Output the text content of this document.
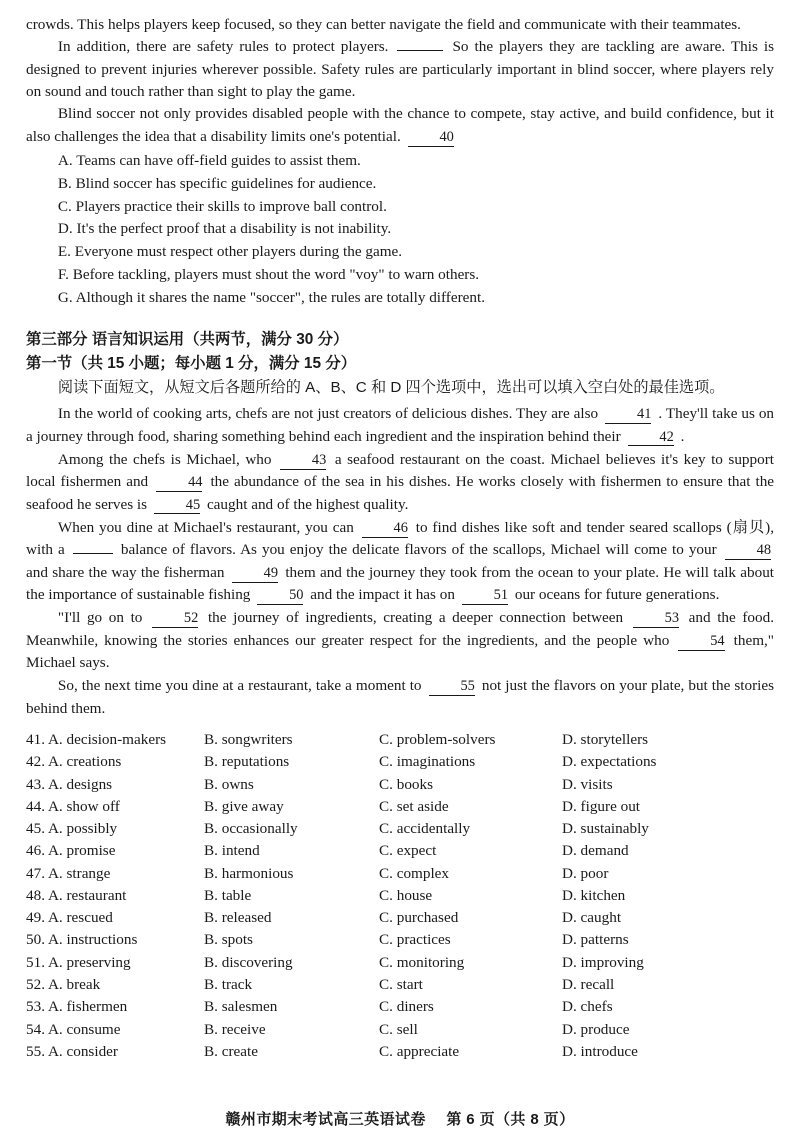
crowds. This helps players keep focused, so they can better navigate the field and communicate with their teammates.

In addition, there are safety rules to protect players.	So the players they are tackling are aware. This is designed to prevent injuries wherever possible. Safety rules are particularly important in blind soccer, where players rely on sound and touch rather than sight to play the game.

Blind soccer not only provides disabled people with the chance to compete, stay active, and build confidence, but it also challenges the idea that a disability limits one's potential.	40

A. Teams can have off-field guides to assist them.

B. Blind soccer has specific guidelines for audience.

C. Players practice their skills to improve ball control.

D. It's the perfect proof that a disability is not inability.

E. Everyone must respect other players during the game.

F. Before tackling, players must shout the word "voy" to warn others.

G. Although it shares the name "soccer", the rules are totally different.

第三部分 语言知识运用（共两节，满分 30 分）

第一节（共 15 小题；每小题 1 分，满分 15 分）

阅读下面短文，从短文后各题所给的 A、B、C 和 D 四个选项中，选出可以填入空白处的最佳选项。

In the world of cooking arts, chefs are not just creators of delicious dishes. They are also	41 . They'll take us on a journey through food, sharing something behind each ingredient and the inspiration behind their	42 .

Among the chefs is Michael, who	43 a seafood restaurant on the coast. Michael believes it's key to support local fishermen and	44 the abundance of the sea in his dishes. He works closely with fishermen to ensure that the seafood he serves is	45 caught and of the highest quality.

When you dine at Michael's restaurant, you can	46 to find dishes like soft and tender seared scallops (扇贝), with a	balance of flavors. As you enjoy the delicate flavors of the scallops, Michael will come to your	48 and share the way the fisherman	49 them and the journey they took from the ocean to your plate. He will talk about the importance of sustainable fishing	50 and the impact it has on	51 our oceans for future generations.

"I'll go on to	52 the journey of ingredients, creating a deeper connection between	53 and the food. Meanwhile, knowing the stories enhances our greater respect for the ingredients, and the people who	54 them," Michael says.

So, the next time you dine at a restaurant, take a moment to	55 not just the flavors on your plate, but the stories behind them.

41. A. decision-makers	B. songwriters	C. problem-solvers	D. storytellers
42. A. creations	B. reputations	C. imaginations	D. expectations
43. A. designs	B. owns	C. books	D. visits
44. A. show off	B. give away	C. set aside	D. figure out
45. A. possibly	B. occasionally	C. accidentally	D. sustainably
46. A. promise	B. intend	C. expect	D. demand
47. A. strange	B. harmonious	C. complex	D. poor
48. A. restaurant	B. table	C. house	D. kitchen
49. A. rescued	B. released	C. purchased	D. caught
50. A. instructions	B. spots	C. practices	D. patterns
51. A. preserving	B. discovering	C. monitoring	D. improving
52. A. break	B. track	C. start	D. recall
53. A. fishermen	B. salesmen	C. diners	D. chefs
54. A. consume	B. receive	C. sell	D. produce
55. A. consider	B. create	C. appreciate	D. introduce
赣州市期末考试高三英语试卷 第 6 页（共 8 页）
